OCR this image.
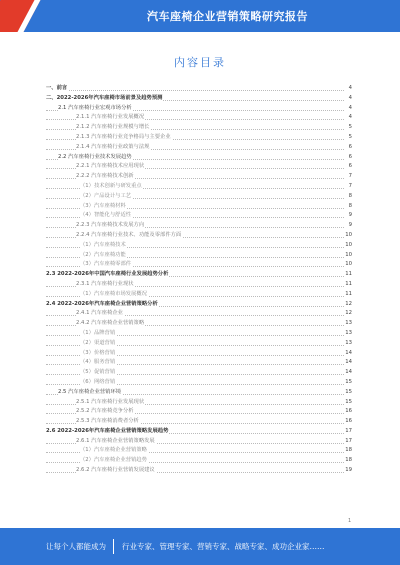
汽车座椅企业营销策略研究报告
内容目录
一、前言	4
二、2022-2026年汽车座椅市场前景及趋势预测	4
2.1 汽车座椅行业宏观市场分析	4
2.1.1 汽车座椅行业发展概况	4
2.1.2 汽车座椅行业规模与增长	5
2.1.3 汽车座椅行业竞争格局与主要企业	5
2.1.4 汽车座椅行业政策与法规	6
2.2 汽车座椅行业技术发展趋势	6
2.2.1 汽车座椅技术应用现状	6
2.2.2 汽车座椅技术创新	7
（1）技术创新与研发重点	7
（2）产品设计与工艺	8
（3）汽车座椅材料	8
（4）智能化与舒适性	9
2.2.3 汽车座椅技术发展方向	9
2.2.4 汽车座椅行业技术、功能及零部件方面	10
（1）汽车座椅技术	10
（2）汽车座椅功能	10
（3）汽车座椅零部件	10
2.3 2022-2026年中国汽车座椅行业发展趋势分析	11
2.3.1 汽车座椅行业现状	11
（1）汽车座椅市场发展概况	11
2.4 2022-2026年汽车座椅企业营销策略分析	12
2.4.1 汽车座椅企业	12
2.4.2 汽车座椅企业营销策略	13
（1）品牌营销	13
（2）渠道营销	13
（3）价格营销	14
（4）服务营销	14
（5）促销营销	14
（6）网络营销	15
2.5 汽车座椅企业营销环境	15
2.5.1 汽车座椅行业发展现状	15
2.5.2 汽车座椅竞争分析	16
2.5.3 汽车座椅消费者分析	16
2.6 2022-2026年汽车座椅企业营销策略发展趋势	17
2.6.1 汽车座椅企业营销策略发展	17
（1）汽车座椅企业营销策略	18
（2）汽车座椅企业营销趋势	18
2.6.2 汽车座椅行业营销发展建议	19
1
让每个人都能成为 行业专家、管理专家、营销专家、战略专家、成功企业家……
